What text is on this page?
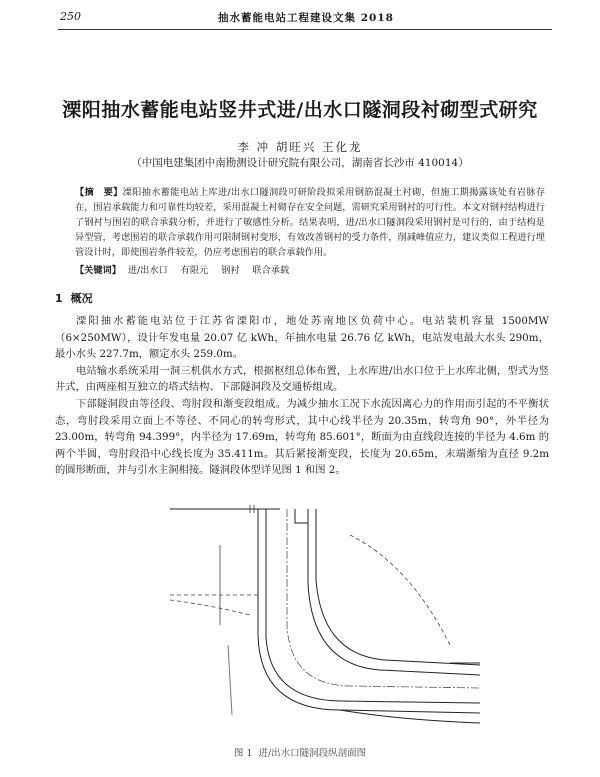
250	抽水蓄能电站工程建设文集 2018
溧阳抽水蓄能电站竖井式进/出水口隧洞段衬砌型式研究
李 冲 胡旺兴 王化龙
（中国电建集团中南勘测设计研究院有限公司，湖南省长沙市 410014）
【摘　要】溧阳抽水蓄能电站上库进/出水口隧洞段可研阶段拟采用钢筋混凝土衬砌，但施工期揭露该处有岩脉存在，围岩承载能力和可靠性均较差，采用混凝土衬砌存在安全问题，需研究采用钢衬的可行性。本文对钢衬结构进行了钢衬与围岩的联合承载分析，并进行了敏感性分析。结果表明，进/出水口隧洞段采用钢衬是可行的，由于结构是异型管，考虑围岩的联合承载作用可限制钢衬变形，有效改善钢衬的受力条件，削减峰值应力，建议类似工程进行埋管设计时，即使围岩条件较差，仍应考虑围岩的联合承载作用。
【关键词】 进/出水口 有限元 钢衬 联合承载
1 概况

溧阳抽水蓄能电站位于江苏省溧阳市，地处苏南地区负荷中心。电站装机容量 1500MW（6×250MW），设计年发电量 20.07 亿 kWh，年抽水电量 26.76 亿 kWh，电站发电最大水头 290m，最小水头 227.7m，额定水头 259.0m。

电站输水系统采用一洞三机供水方式，根据枢纽总体布置，上水库进/出水口位于上水库北侧，型式为竖井式，由两座相互独立的塔式结构、下部隧洞段及交通桥组成。

下部隧洞段由等径段、弯肘段和渐变段组成。为减少抽水工况下水流因离心力的作用而引起的不平衡状态，弯肘段采用立面上不等径、不同心的转弯形式，其中心线半径为 20.35m，转弯角 90°，外半径为 23.00m，转弯角 94.399°，内半径为 17.69m，转弯角 85.601°，断面为由直线段连接的半径为 4.6m 的两个半圆，弯肘段沿中心线长度为 35.411m。其后紧接渐变段，长度为 20.65m，末端渐缩为直径 9.2m 的圆形断面，并与引水主洞相接。隧洞段体型详见图 1 和图 2。

图 1 进/出水口隧洞段纵剖面图
